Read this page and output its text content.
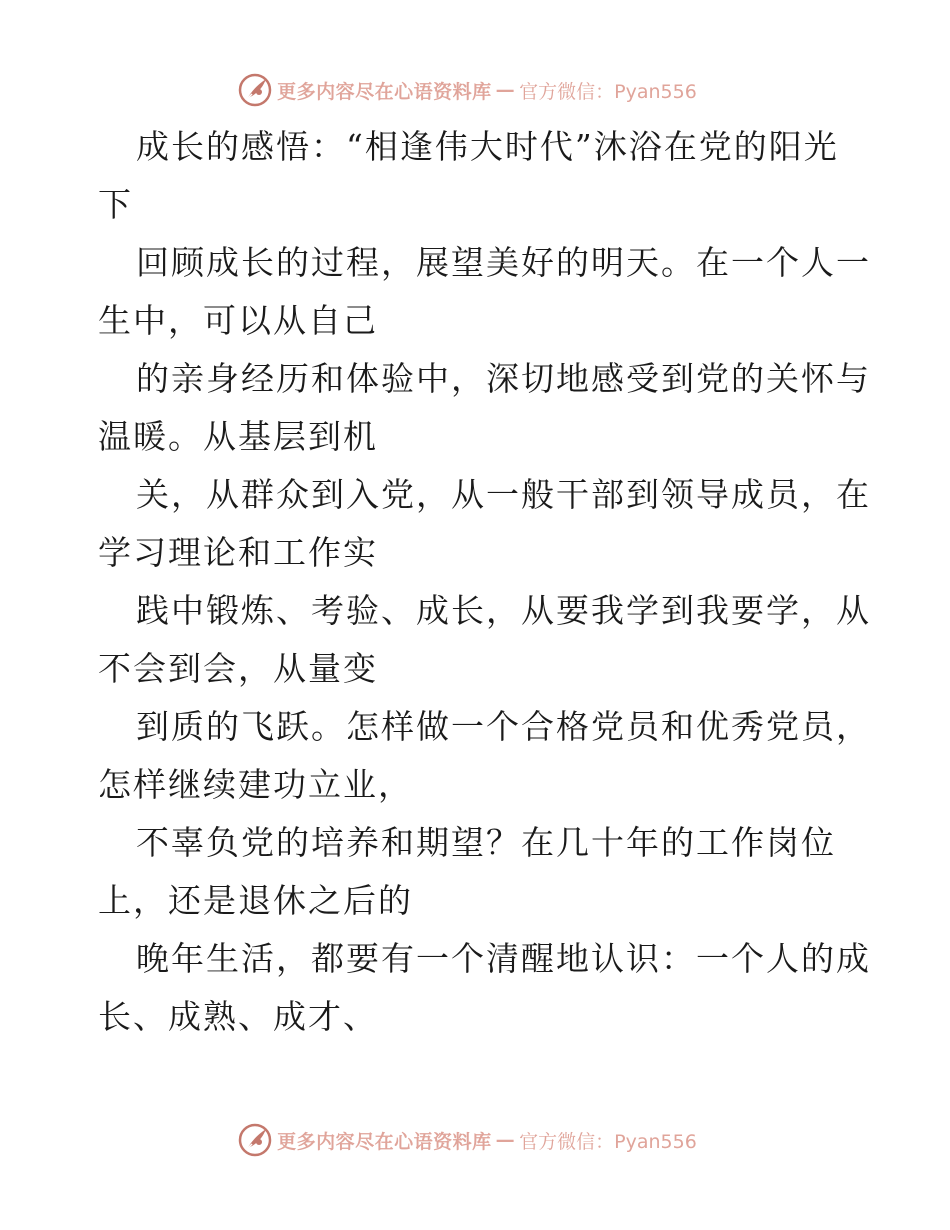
更多内容尽在心语资料库 — 官方微信：Pyan556

成长的感悟：“相逢伟大时代”沐浴在党的阳光
下

回顾成长的过程，展望美好的明天。在一个人一
生中，可以从自己

的亲身经历和体验中，深切地感受到党的关怀与
温暖。从基层到机

关，从群众到入党，从一般干部到领导成员，在
学习理论和工作实

践中锻炼、考验、成长，从要我学到我要学，从
不会到会，从量变

到质的飞跃。怎样做一个合格党员和优秀党员，
怎样继续建功立业，

不辜负党的培养和期望？在几十年的工作岗位
上，还是退休之后的

晚年生活，都要有一个清醒地认识：一个人的成
长、成熟、成才、

更多内容尽在心语资料库 — 官方微信：Pyan556
